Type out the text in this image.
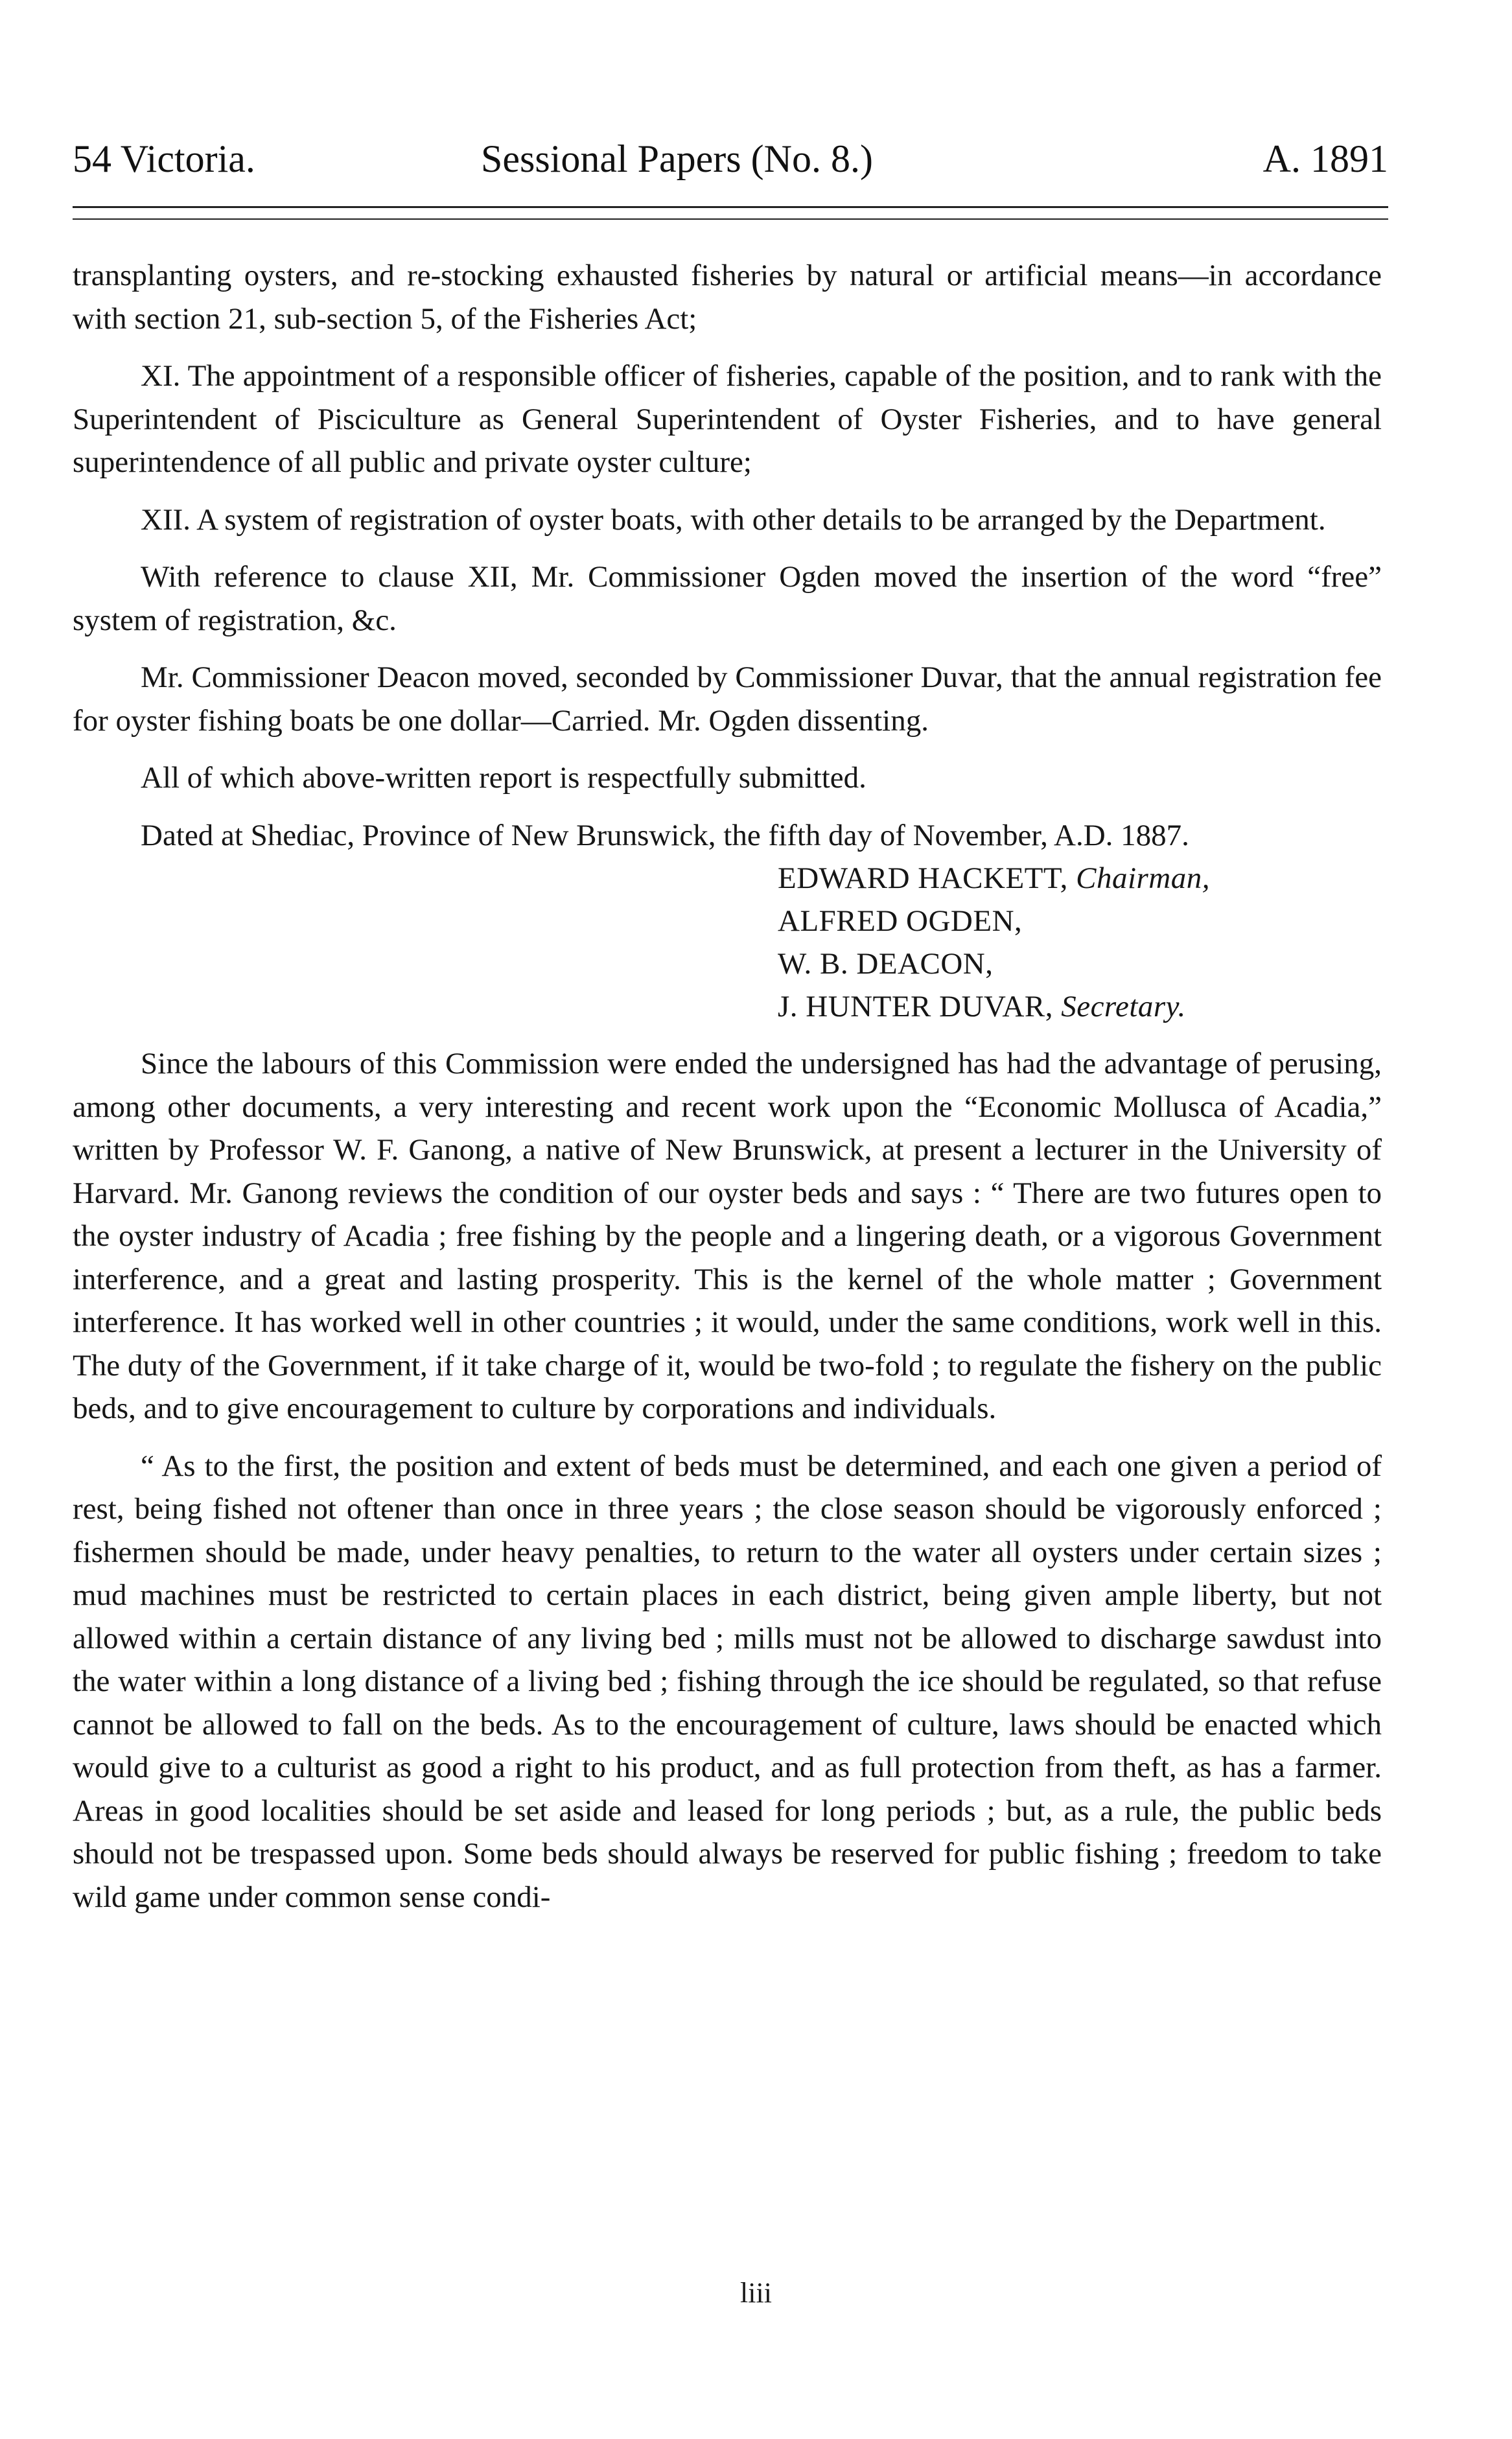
54 Victoria.	Sessional Papers (No. 8.)	A. 1891

transplanting oysters, and re-stocking exhausted fisheries by natural or artificial means—in accordance with section 21, sub-section 5, of the Fisheries Act;

XI. The appointment of a responsible officer of fisheries, capable of the position, and to rank with the Superintendent of Pisciculture as General Superintendent of Oyster Fisheries, and to have general superintendence of all public and private oyster culture;

XII. A system of registration of oyster boats, with other details to be arranged by the Department.

With reference to clause XII, Mr. Commissioner Ogden moved the insertion of the word “free” system of registration, &c.

Mr. Commissioner Deacon moved, seconded by Commissioner Duvar, that the annual registration fee for oyster fishing boats be one dollar—Carried. Mr. Ogden dissenting.

All of which above-written report is respectfully submitted.

Dated at Shediac, Province of New Brunswick, the fifth day of November, A.D. 1887.

EDWARD HACKETT, Chairman,
ALFRED OGDEN,
W. B. DEACON,
J. HUNTER DUVAR, Secretary.

Since the labours of this Commission were ended the undersigned has had the advantage of perusing, among other documents, a very interesting and recent work upon the “Economic Mollusca of Acadia,” written by Professor W. F. Ganong, a native of New Brunswick, at present a lecturer in the University of Harvard. Mr. Ganong reviews the condition of our oyster beds and says : “ There are two futures open to the oyster industry of Acadia ; free fishing by the people and a lingering death, or a vigorous Government interference, and a great and lasting prosperity. This is the kernel of the whole matter ; Government interference. It has worked well in other countries ; it would, under the same conditions, work well in this. The duty of the Government, if it take charge of it, would be two-fold ; to regulate the fishery on the public beds, and to give encouragement to culture by corporations and individuals.

“ As to the first, the position and extent of beds must be determined, and each one given a period of rest, being fished not oftener than once in three years ; the close season should be vigorously enforced ; fishermen should be made, under heavy penalties, to return to the water all oysters under certain sizes ; mud machines must be restricted to certain places in each district, being given ample liberty, but not allowed within a certain distance of any living bed ; mills must not be allowed to discharge sawdust into the water within a long distance of a living bed ; fishing through the ice should be regulated, so that refuse cannot be allowed to fall on the beds. As to the encouragement of culture, laws should be enacted which would give to a culturist as good a right to his product, and as full protection from theft, as has a farmer. Areas in good localities should be set aside and leased for long periods ; but, as a rule, the public beds should not be trespassed upon. Some beds should always be reserved for public fishing ; freedom to take wild game under common sense condi-

liii
